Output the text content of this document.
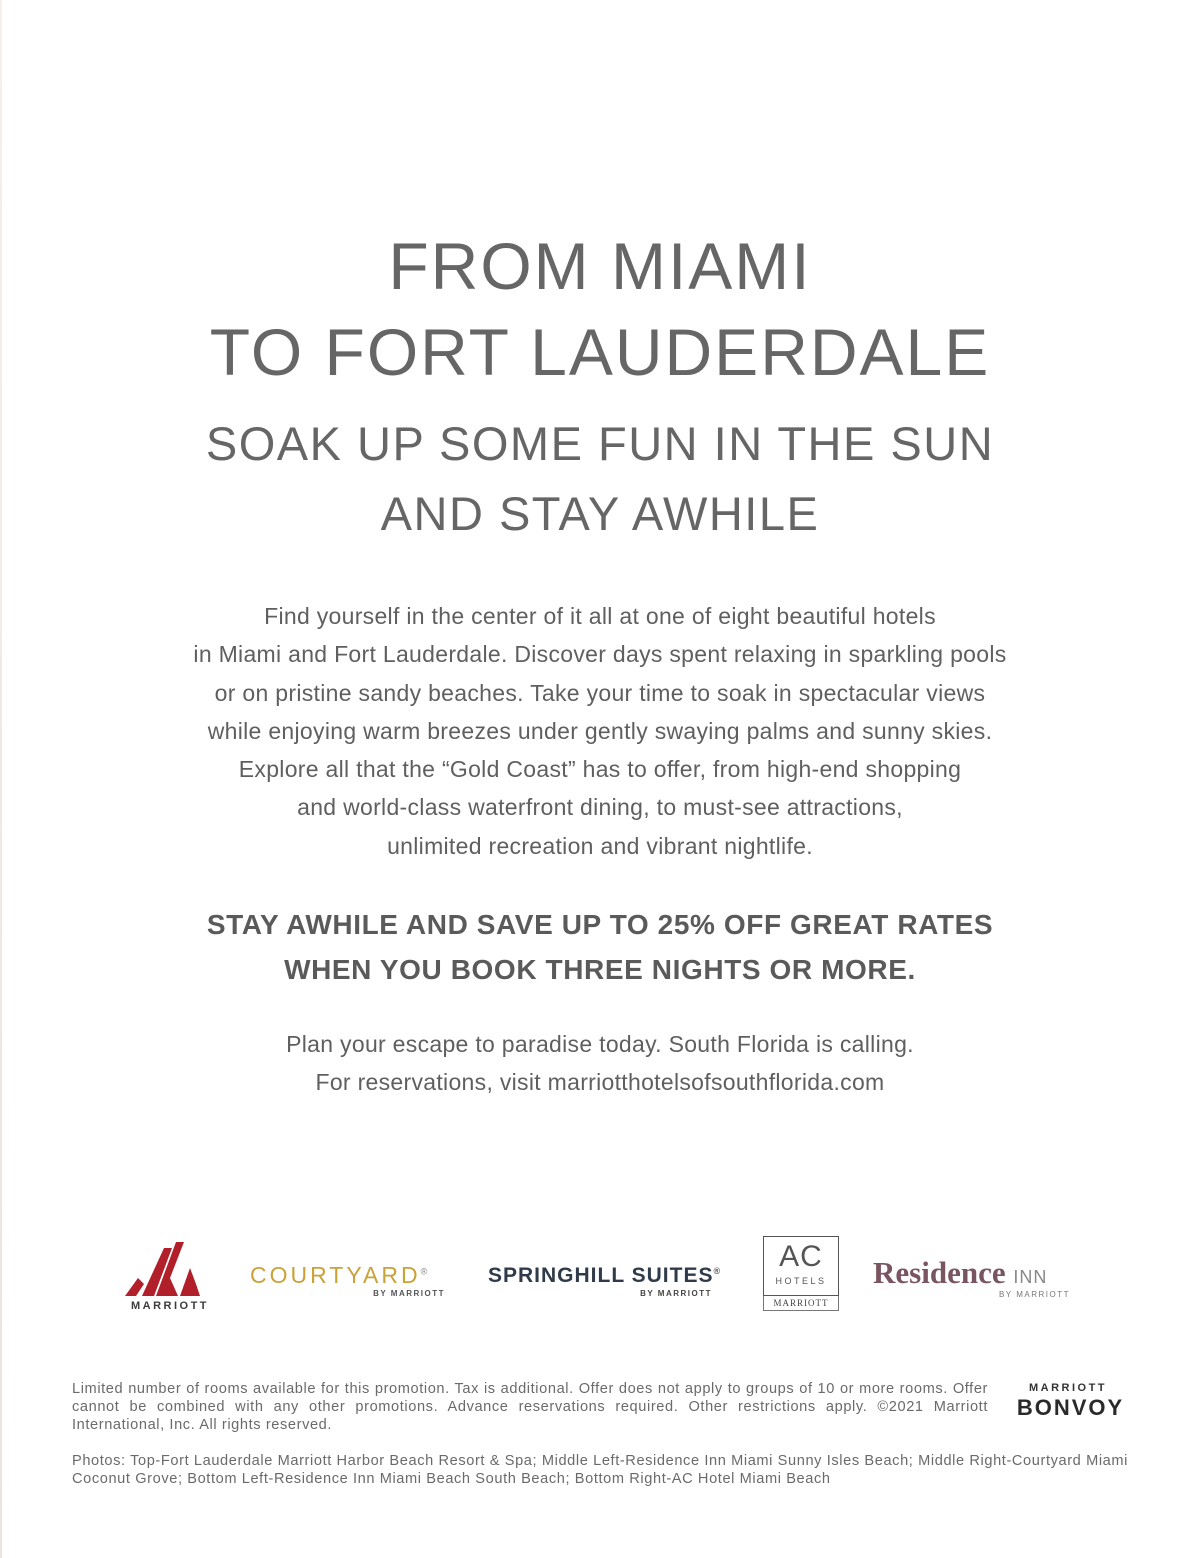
FROM MIAMI
TO FORT LAUDERDALE
SOAK UP SOME FUN IN THE SUN
AND STAY AWHILE
Find yourself in the center of it all at one of eight beautiful hotels
in Miami and Fort Lauderdale. Discover days spent relaxing in sparkling pools
or on pristine sandy beaches. Take your time to soak in spectacular views
while enjoying warm breezes under gently swaying palms and sunny skies.
Explore all that the “Gold Coast” has to offer, from high-end shopping
and world-class waterfront dining, to must-see attractions,
unlimited recreation and vibrant nightlife.
STAY AWHILE AND SAVE UP TO 25% OFF GREAT RATES
WHEN YOU BOOK THREE NIGHTS OR MORE.
Plan your escape to paradise today. South Florida is calling.
For reservations, visit marriotthotelsofsouthflorida.com
MARRIOTT
COURTYARD®
BY MARRIOTT
SPRINGHILL SUITES®
BY MARRIOTT
AC
HOTELS
MARRIOTT
Residence INN
BY MARRIOTT
Limited number of rooms available for this promotion. Tax is additional. Offer does not apply to groups of 10 or more rooms. Offer cannot be combined with any other promotions. Advance reservations required. Other restrictions apply. ©2021 Marriott International, Inc. All rights reserved.
MARRIOTT
BONVOY
Photos: Top-Fort Lauderdale Marriott Harbor Beach Resort & Spa; Middle Left-Residence Inn Miami Sunny Isles Beach; Middle Right-Courtyard Miami Coconut Grove; Bottom Left-Residence Inn Miami Beach South Beach; Bottom Right-AC Hotel Miami Beach
